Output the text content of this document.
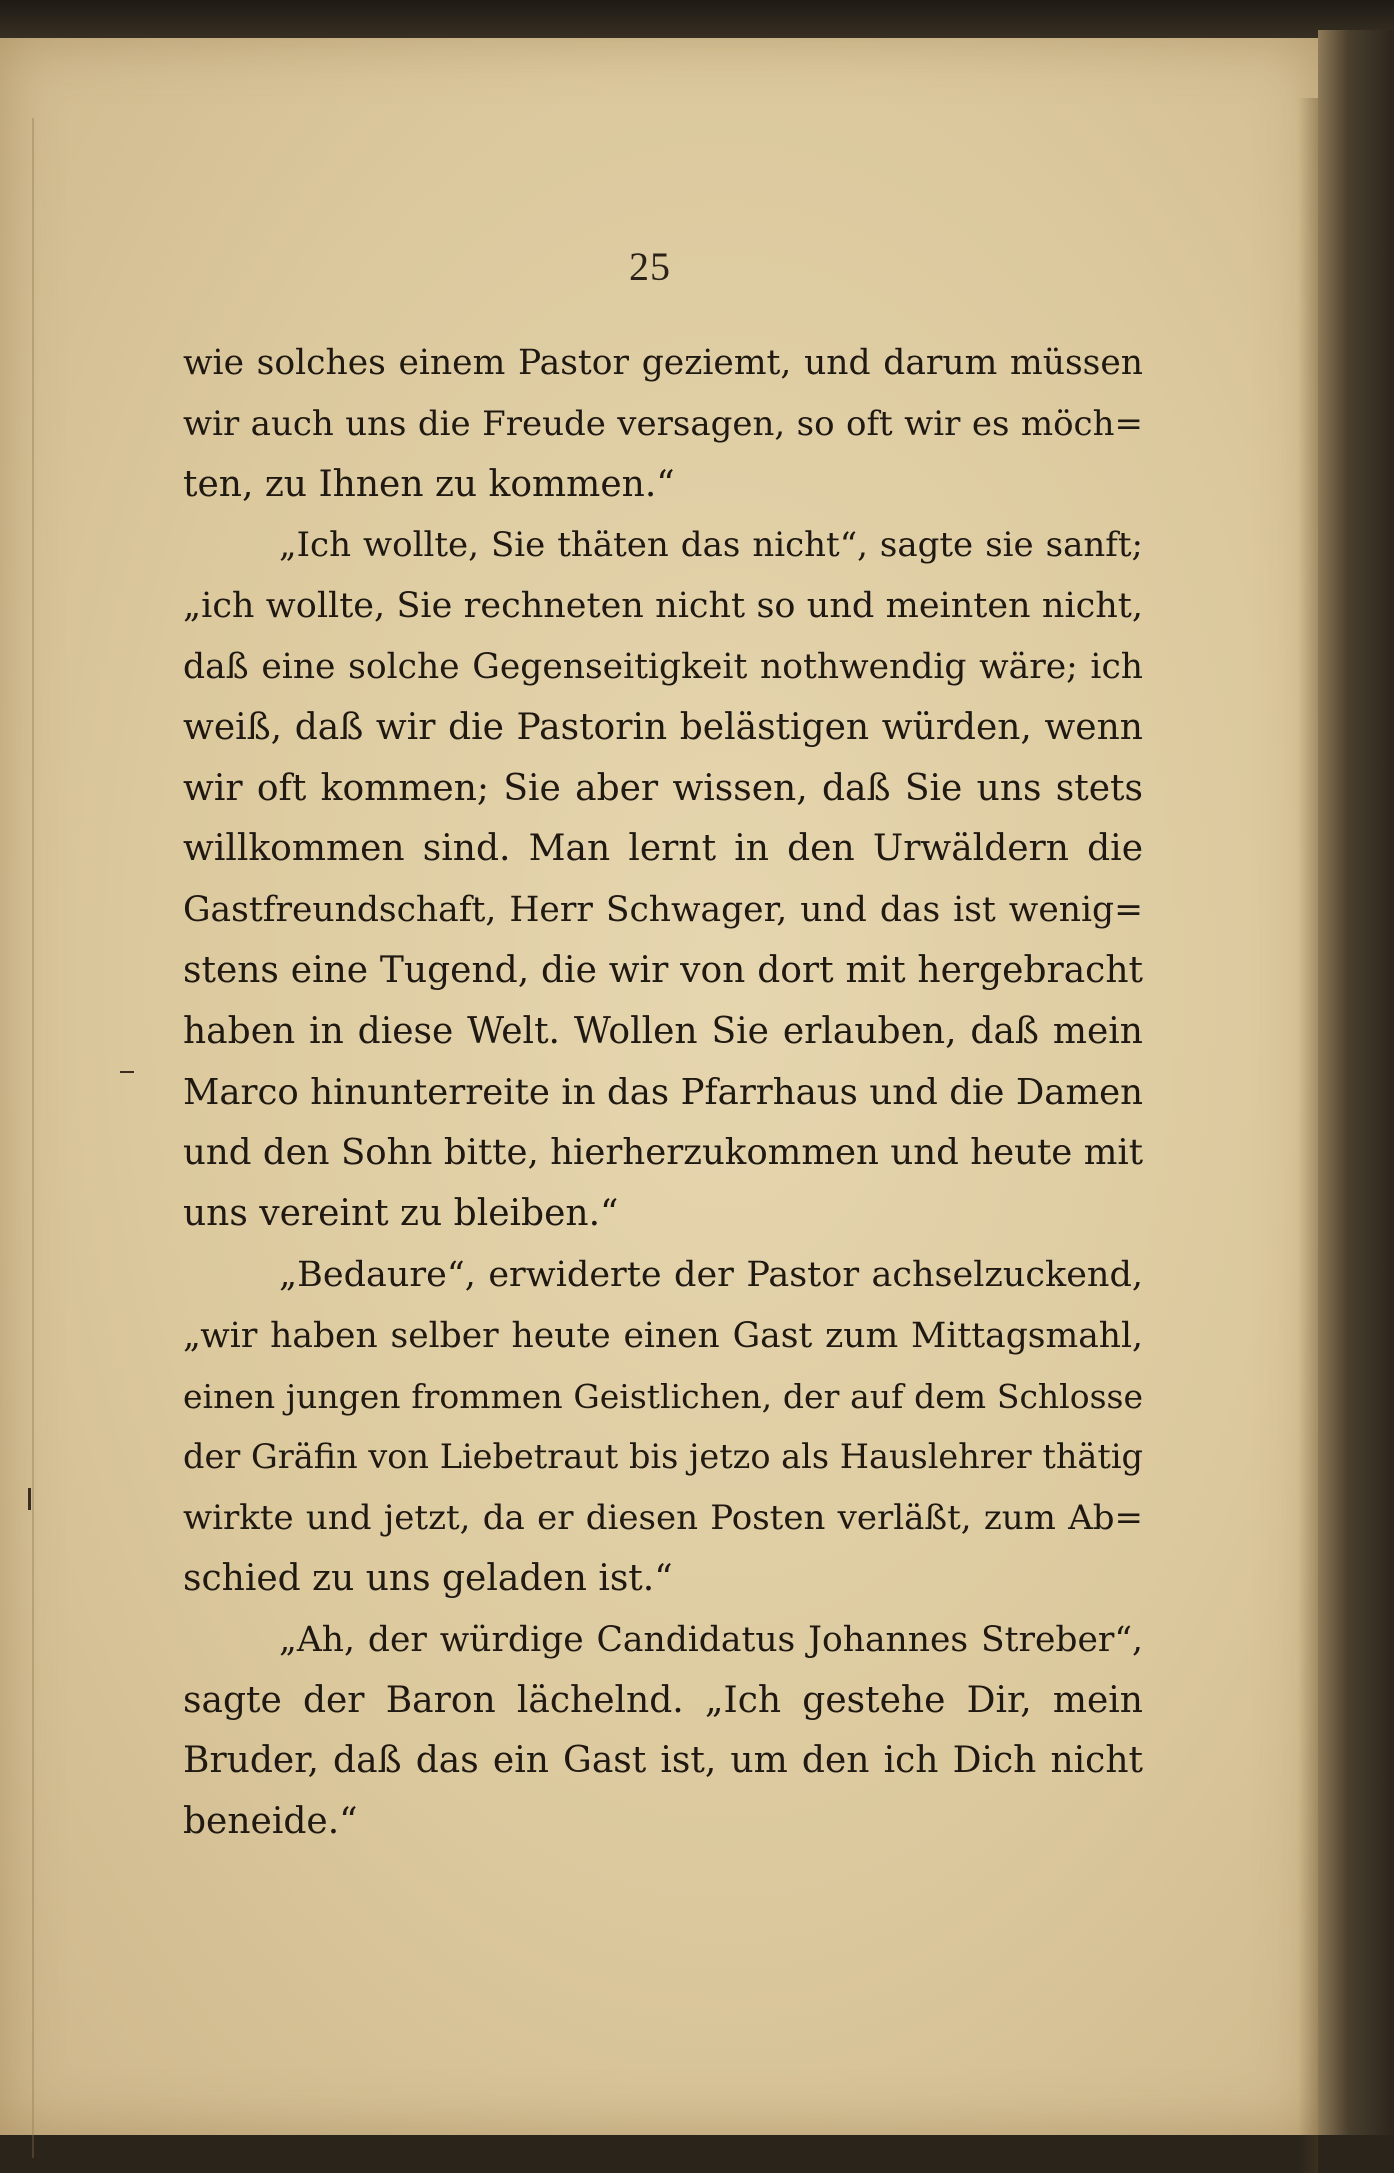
25
wie solches einem Pastor geziemt, und darum müssen
wir auch uns die Freude versagen, so oft wir es möch=
ten, zu Ihnen zu kommen.“
„Ich wollte, Sie thäten das nicht“, sagte sie sanft;
„ich wollte, Sie rechneten nicht so und meinten nicht,
daß eine solche Gegenseitigkeit nothwendig wäre; ich
weiß, daß wir die Pastorin belästigen würden, wenn
wir oft kommen; Sie aber wissen, daß Sie uns stets
willkommen sind. Man lernt in den Urwäldern die
Gastfreundschaft, Herr Schwager, und das ist wenig=
stens eine Tugend, die wir von dort mit hergebracht
haben in diese Welt. Wollen Sie erlauben, daß mein
Marco hinunterreite in das Pfarrhaus und die Damen
und den Sohn bitte, hierherzukommen und heute mit
uns vereint zu bleiben.“
„Bedaure“, erwiderte der Pastor achselzuckend,
„wir haben selber heute einen Gast zum Mittagsmahl,
einen jungen frommen Geistlichen, der auf dem Schlosse
der Gräfin von Liebetraut bis jetzo als Hauslehrer thätig
wirkte und jetzt, da er diesen Posten verläßt, zum Ab=
schied zu uns geladen ist.“
„Ah, der würdige Candidatus Johannes Streber“,
sagte der Baron lächelnd. „Ich gestehe Dir, mein
Bruder, daß das ein Gast ist, um den ich Dich nicht
beneide.“
